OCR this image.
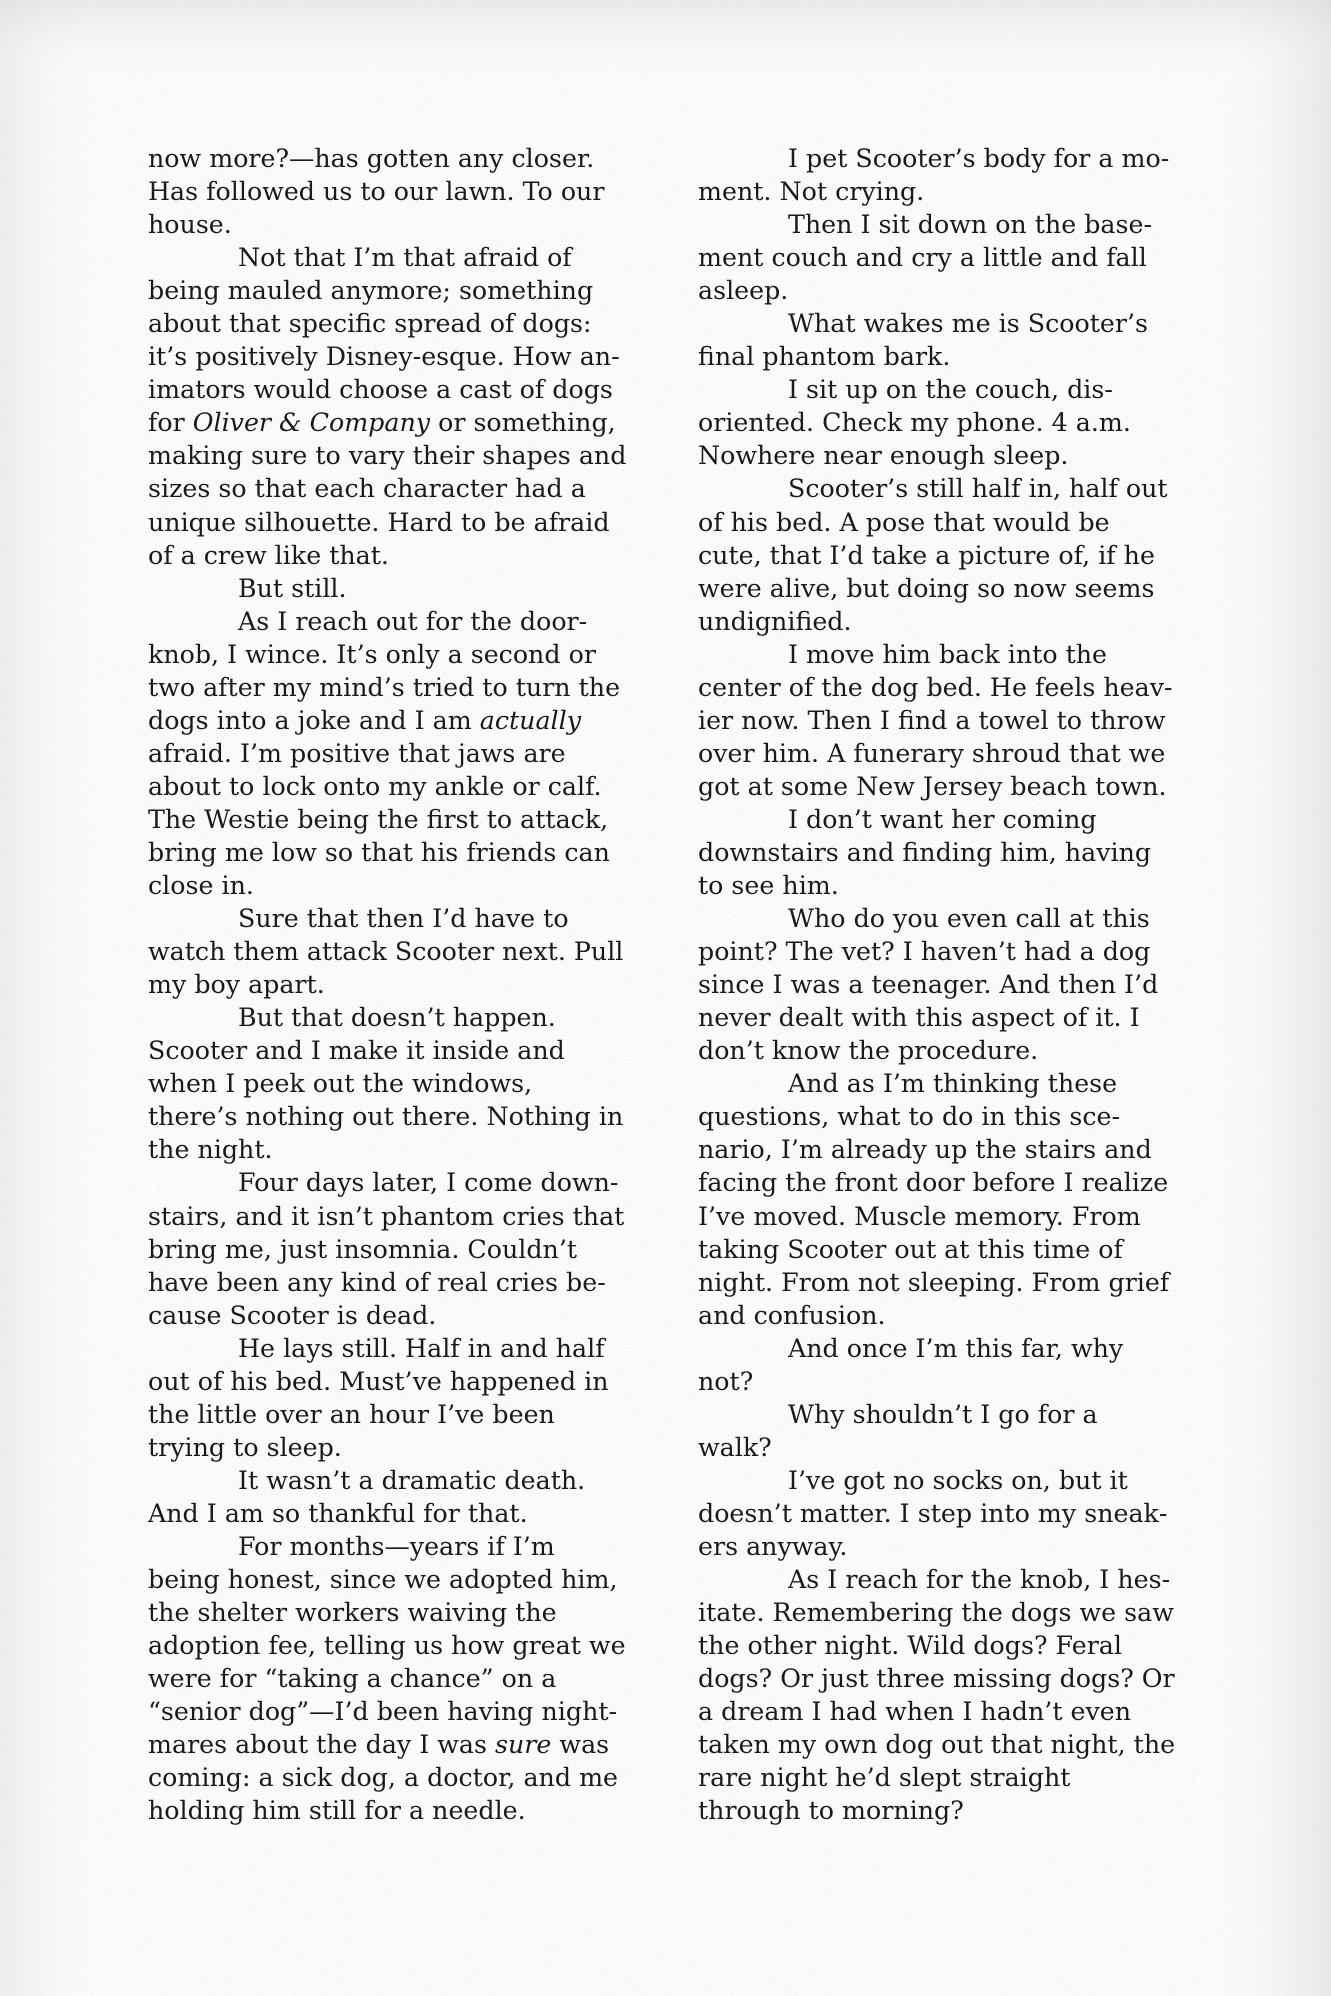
now more?—has gotten any closer. Has followed us to our lawn. To our house.

Not that I’m that afraid of being mauled anymore; something about that specific spread of dogs: it’s positively Disney-esque. How animators would choose a cast of dogs for Oliver & Company or something, making sure to vary their shapes and sizes so that each character had a unique silhouette. Hard to be afraid of a crew like that.

But still.

As I reach out for the doorknob, I wince. It’s only a second or two after my mind’s tried to turn the dogs into a joke and I am actually afraid. I’m positive that jaws are about to lock onto my ankle or calf. The Westie being the first to attack, bring me low so that his friends can close in.

Sure that then I’d have to watch them attack Scooter next. Pull my boy apart.

But that doesn’t happen. Scooter and I make it inside and when I peek out the windows, there’s nothing out there. Nothing in the night.

Four days later, I come downstairs, and it isn’t phantom cries that bring me, just insomnia. Couldn’t have been any kind of real cries because Scooter is dead.

He lays still. Half in and half out of his bed. Must’ve happened in the little over an hour I’ve been trying to sleep.

It wasn’t a dramatic death. And I am so thankful for that.

For months—years if I’m being honest, since we adopted him, the shelter workers waiving the adoption fee, telling us how great we were for “taking a chance” on a “senior dog”—I’d been having nightmares about the day I was sure was coming: a sick dog, a doctor, and me holding him still for a needle.

I pet Scooter’s body for a moment. Not crying.

Then I sit down on the basement couch and cry a little and fall asleep.

What wakes me is Scooter’s final phantom bark.

I sit up on the couch, disoriented. Check my phone. 4 a.m. Nowhere near enough sleep.

Scooter’s still half in, half out of his bed. A pose that would be cute, that I’d take a picture of, if he were alive, but doing so now seems undignified.

I move him back into the center of the dog bed. He feels heavier now. Then I find a towel to throw over him. A funerary shroud that we got at some New Jersey beach town.

I don’t want her coming downstairs and finding him, having to see him.

Who do you even call at this point? The vet? I haven’t had a dog since I was a teenager. And then I’d never dealt with this aspect of it. I don’t know the procedure.

And as I’m thinking these questions, what to do in this scenario, I’m already up the stairs and facing the front door before I realize I’ve moved. Muscle memory. From taking Scooter out at this time of night. From not sleeping. From grief and confusion.

And once I’m this far, why not?

Why shouldn’t I go for a walk?

I’ve got no socks on, but it doesn’t matter. I step into my sneakers anyway.

As I reach for the knob, I hesitate. Remembering the dogs we saw the other night. Wild dogs? Feral dogs? Or just three missing dogs? Or a dream I had when I hadn’t even taken my own dog out that night, the rare night he’d slept straight through to morning?
